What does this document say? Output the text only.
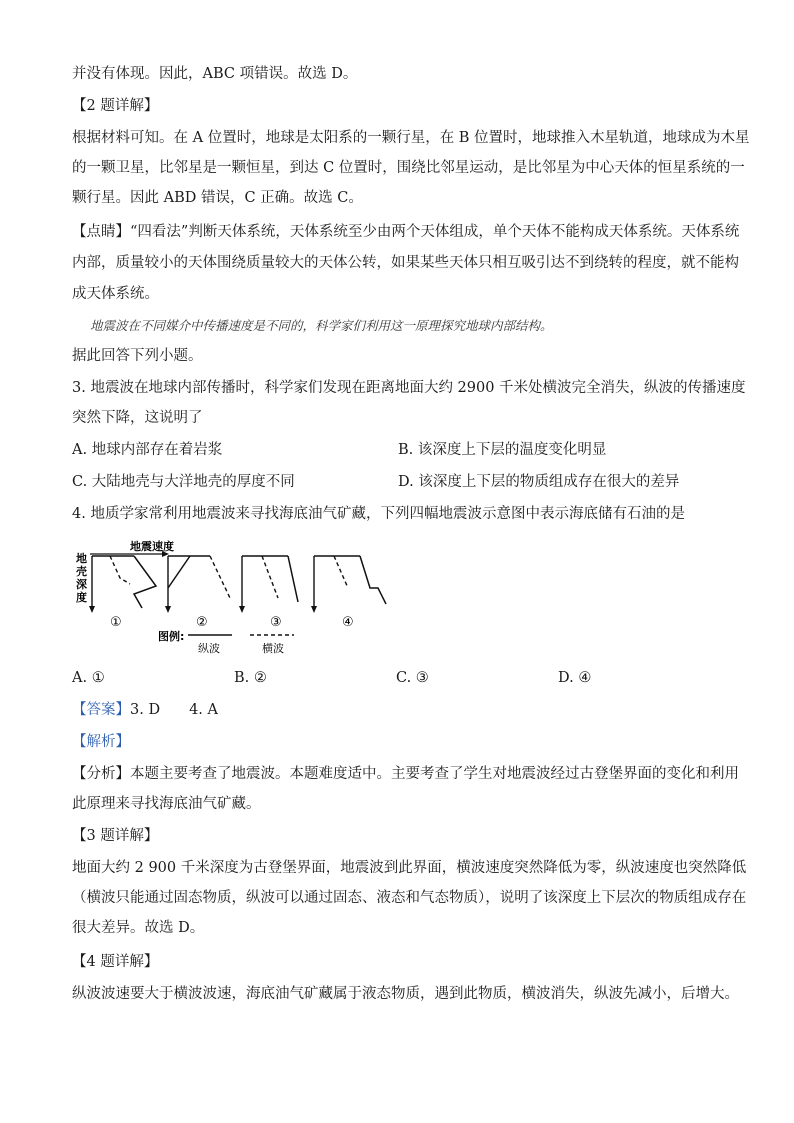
并没有体现。因此，ABC 项错误。故选 D。
【2 题详解】
根据材料可知。在 A 位置时，地球是太阳系的一颗行星，在 B 位置时，地球推入木星轨道，地球成为木星
的一颗卫星，比邻星是一颗恒星，到达 C 位置时，围绕比邻星运动，是比邻星为中心天体的恒星系统的一
颗行星。因此 ABD 错误，C 正确。故选 C。
【点睛】“四看法”判断天体系统，天体系统至少由两个天体组成，单个天体不能构成天体系统。天体系统
内部，质量较小的天体围绕质量较大的天体公转，如果某些天体只相互吸引达不到绕转的程度，就不能构
成天体系统。
地震波在不同媒介中传播速度是不同的，科学家们利用这一原理探究地球内部结构。
据此回答下列小题。
3. 地震波在地球内部传播时，科学家们发现在距离地面大约 2900 千米处横波完全消失，纵波的传播速度
突然下降，这说明了
A. 地球内部存在着岩浆	B. 该深度上下层的温度变化明显
C. 大陆地壳与大洋地壳的厚度不同	D. 该深度上下层的物质组成存在很大的差异
4. 地质学家常利用地震波来寻找海底油气矿藏，下列四幅地震波示意图中表示海底储有石油的是
地震速度
地
壳
深
度
①	②	③	④
图例:
纵波	横波
A. ①	B. ②	C. ③	D. ④
【答案】3. D　　4. A
【解析】
【分析】本题主要考查了地震波。本题难度适中。主要考查了学生对地震波经过古登堡界面的变化和利用
此原理来寻找海底油气矿藏。
【3 题详解】
地面大约 2 900 千米深度为古登堡界面，地震波到此界面，横波速度突然降低为零，纵波速度也突然降低
（横波只能通过固态物质，纵波可以通过固态、液态和气态物质），说明了该深度上下层次的物质组成存在
很大差异。故选 D。
【4 题详解】
纵波波速要大于横波波速，海底油气矿藏属于液态物质，遇到此物质，横波消失，纵波先减小，后增大。
